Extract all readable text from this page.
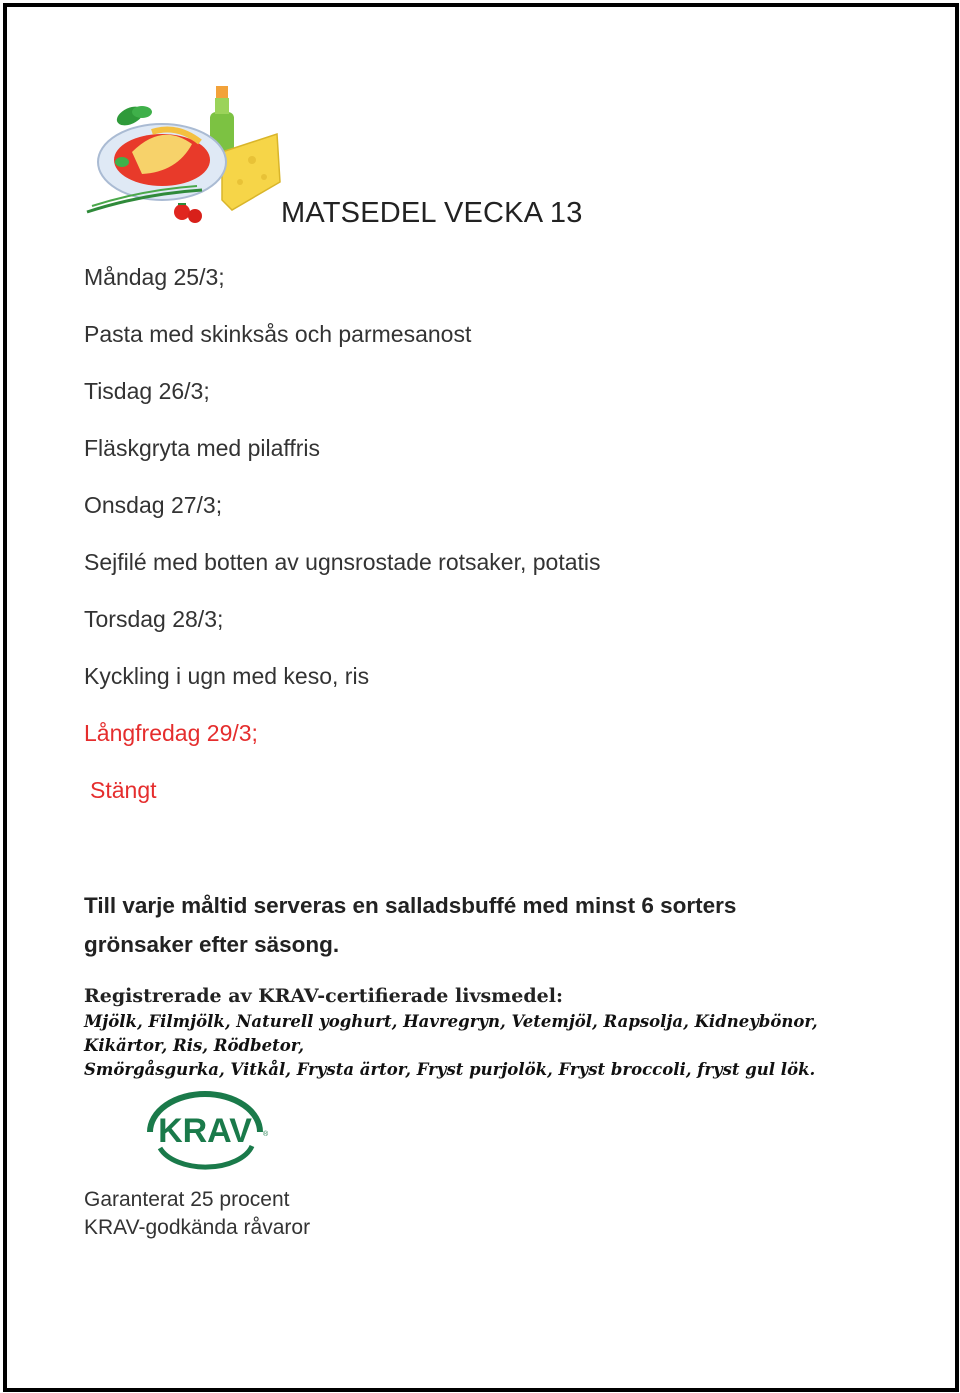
MATSEDEL VECKA 13
Måndag 25/3;
Pasta med skinksås och parmesanost
Tisdag 26/3;
Fläskgryta med pilaffris
Onsdag 27/3;
Sejfilé med botten av ugnsrostade rotsaker, potatis
Torsdag 28/3;
Kyckling i ugn med keso, ris
Långfredag 29/3;
Stängt
Till varje måltid serveras en salladsbuffé med minst 6 sorters grönsaker efter säsong.
Registrerade av KRAV-certifierade livsmedel:
Mjölk, Filmjölk, Naturell yoghurt, Havregryn, Vetemjöl, Rapsolja, Kidneybönor,
Kikärtor, Ris, Rödbetor,
Smörgåsgurka, Vitkål, Frysta ärtor, Fryst purjolök, Fryst broccoli, fryst gul lök.
KRAV ®
Garanterat 25 procent
KRAV-godkända råvaror
